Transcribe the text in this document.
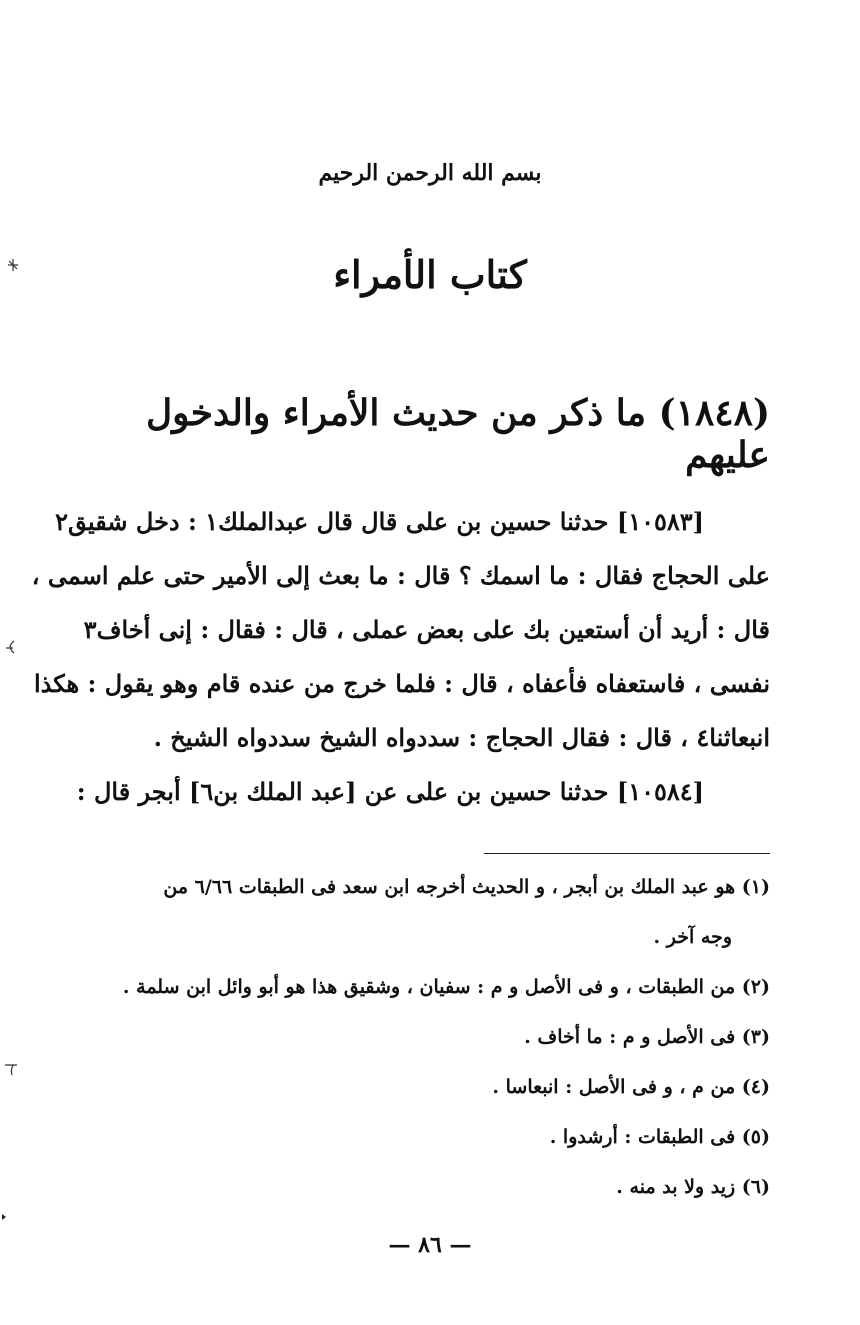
بسم الله الرحمن الرحيم
كتاب الأمراء
(١٨٤٨) ما ذكر من حديث الأمراء والدخول عليهم
[١٠٥٨٣] حدثنا حسين بن على قال قال عبدالملك١ : دخل شقيق٢
على الحجاج فقال : ما اسمك ؟ قال : ما بعث إلى الأمير حتى علم اسمى ،
قال : أريد أن أستعين بك على بعض عملى ، قال : فقال : إنى أخاف٣
نفسى ، فاستعفاه فأعفاه ، قال : فلما خرج من عنده قام وهو يقول : هكذا
انبعاثنا٤ ، قال : فقال الحجاج : سددواه الشيخ سددواه الشيخ .
[١٠٥٨٤] حدثنا حسين بن على عن [عبد الملك بن٦] أبجر قال :
(١) هو عبد الملك بن أبجر ، و الحديث أخرجه ابن سعد فى الطبقات ٦/٦٦ من
وجه آخر .
(٢) من الطبقات ، و فى الأصل و م : سفيان ، وشقيق هذا هو أبو وائل ابن سلمة .
(٣) فى الأصل و م : ما أخاف .
(٤) من م ، و فى الأصل : انبعاسا .
(٥) فى الطبقات : أرشدوا .
(٦) زيد ولا بد منه .
— ٨٦ —
